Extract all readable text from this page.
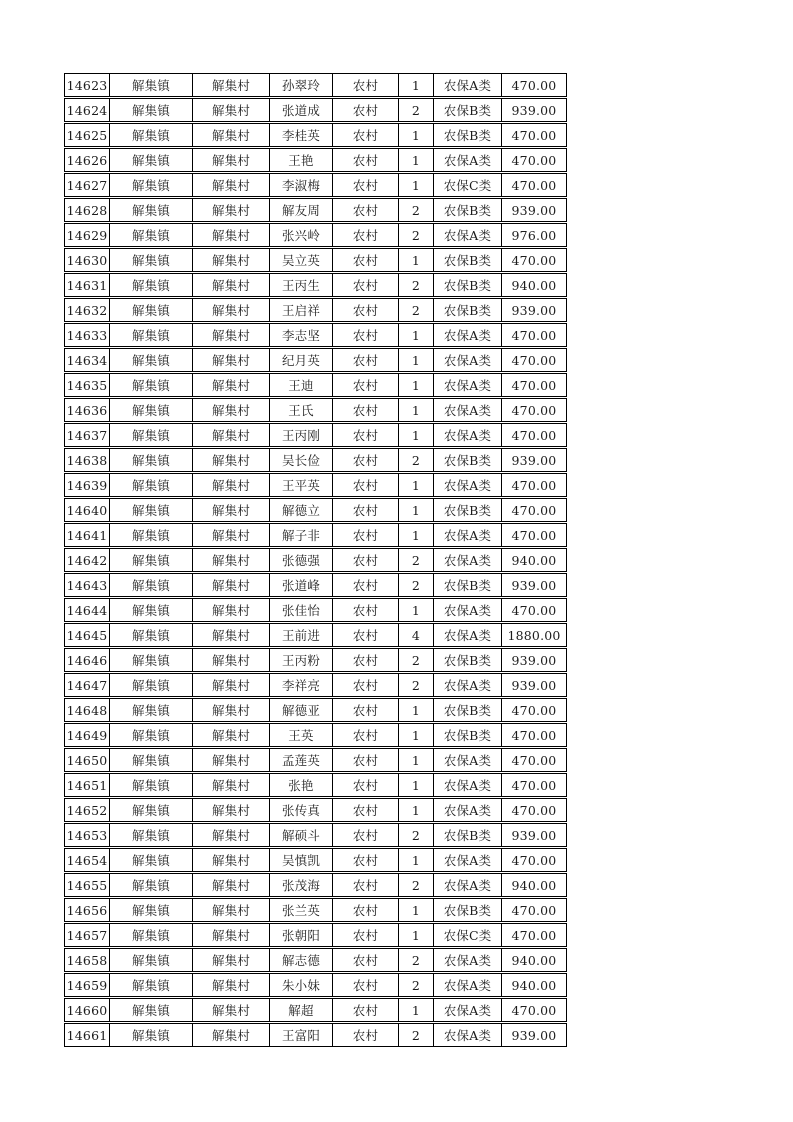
14623	解集镇	解集村	孙翠玲	农村	1	农保A类	470.00
14624	解集镇	解集村	张道成	农村	2	农保B类	939.00
14625	解集镇	解集村	李桂英	农村	1	农保B类	470.00
14626	解集镇	解集村	王艳	农村	1	农保A类	470.00
14627	解集镇	解集村	李淑梅	农村	1	农保C类	470.00
14628	解集镇	解集村	解友周	农村	2	农保B类	939.00
14629	解集镇	解集村	张兴岭	农村	2	农保A类	976.00
14630	解集镇	解集村	吴立英	农村	1	农保B类	470.00
14631	解集镇	解集村	王丙生	农村	2	农保B类	940.00
14632	解集镇	解集村	王启祥	农村	2	农保B类	939.00
14633	解集镇	解集村	李志坚	农村	1	农保A类	470.00
14634	解集镇	解集村	纪月英	农村	1	农保A类	470.00
14635	解集镇	解集村	王迪	农村	1	农保A类	470.00
14636	解集镇	解集村	王氏	农村	1	农保A类	470.00
14637	解集镇	解集村	王丙刚	农村	1	农保A类	470.00
14638	解集镇	解集村	吴长俭	农村	2	农保B类	939.00
14639	解集镇	解集村	王平英	农村	1	农保A类	470.00
14640	解集镇	解集村	解德立	农村	1	农保B类	470.00
14641	解集镇	解集村	解子非	农村	1	农保A类	470.00
14642	解集镇	解集村	张德强	农村	2	农保A类	940.00
14643	解集镇	解集村	张道峰	农村	2	农保B类	939.00
14644	解集镇	解集村	张佳怡	农村	1	农保A类	470.00
14645	解集镇	解集村	王前进	农村	4	农保A类	1880.00
14646	解集镇	解集村	王丙粉	农村	2	农保B类	939.00
14647	解集镇	解集村	李祥亮	农村	2	农保A类	939.00
14648	解集镇	解集村	解德亚	农村	1	农保B类	470.00
14649	解集镇	解集村	王英	农村	1	农保B类	470.00
14650	解集镇	解集村	孟莲英	农村	1	农保A类	470.00
14651	解集镇	解集村	张艳	农村	1	农保A类	470.00
14652	解集镇	解集村	张传真	农村	1	农保A类	470.00
14653	解集镇	解集村	解硕斗	农村	2	农保B类	939.00
14654	解集镇	解集村	吴慎凯	农村	1	农保A类	470.00
14655	解集镇	解集村	张茂海	农村	2	农保A类	940.00
14656	解集镇	解集村	张兰英	农村	1	农保B类	470.00
14657	解集镇	解集村	张朝阳	农村	1	农保C类	470.00
14658	解集镇	解集村	解志德	农村	2	农保A类	940.00
14659	解集镇	解集村	朱小妹	农村	2	农保A类	940.00
14660	解集镇	解集村	解超	农村	1	农保A类	470.00
14661	解集镇	解集村	王富阳	农村	2	农保A类	939.00
